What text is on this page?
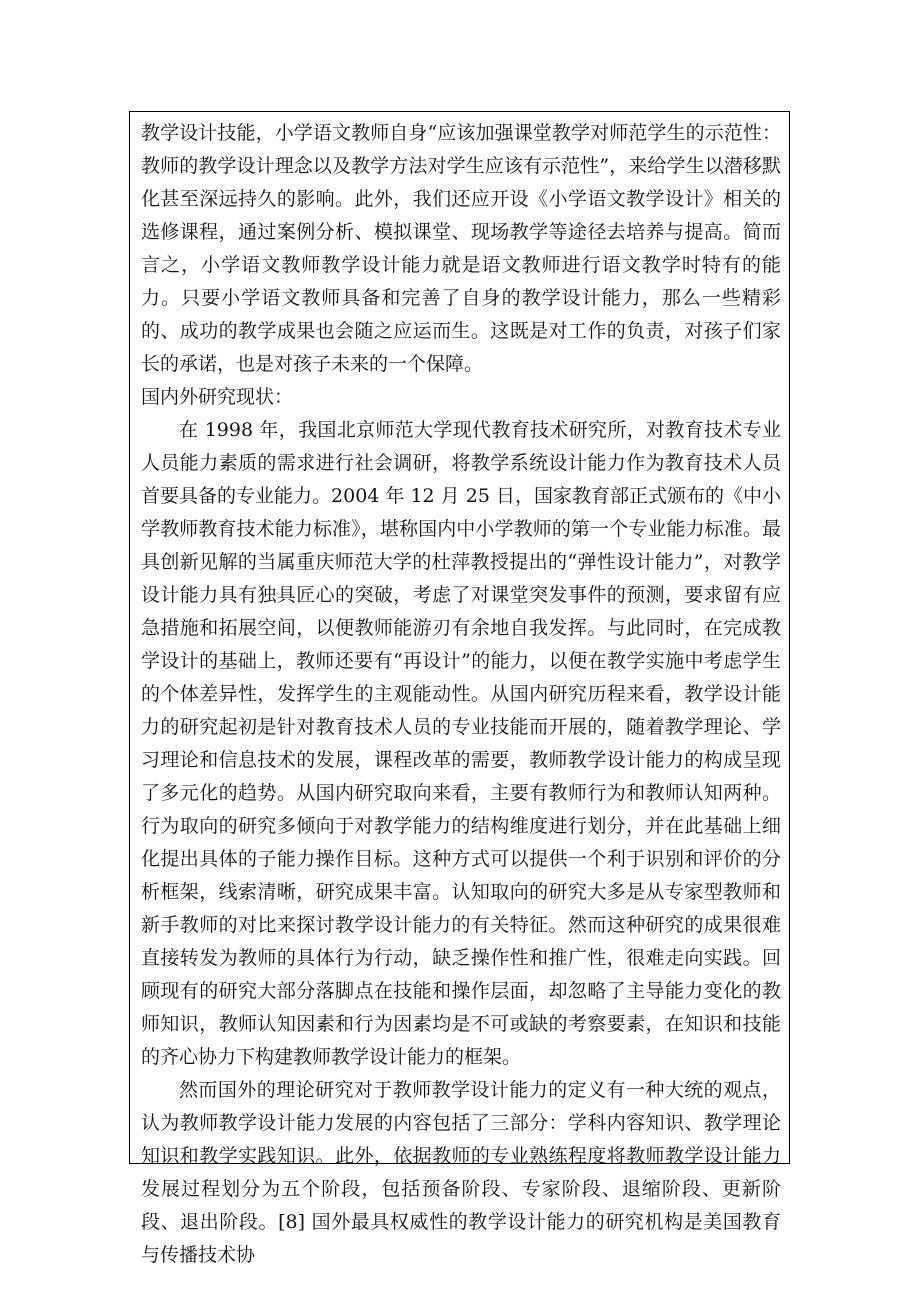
教学设计技能，小学语文教师自身“应该加强课堂教学对师范学生的示范性：教师的教学设计理念以及教学方法对学生应该有示范性”，来给学生以潜移默化甚至深远持久的影响。此外，我们还应开设《小学语文教学设计》相关的选修课程，通过案例分析、模拟课堂、现场教学等途径去培养与提高。简而言之，小学语文教师教学设计能力就是语文教师进行语文教学时特有的能力。只要小学语文教师具备和完善了自身的教学设计能力，那么一些精彩的、成功的教学成果也会随之应运而生。这既是对工作的负责，对孩子们家长的承诺，也是对孩子未来的一个保障。

国内外研究现状：

在 1998 年，我国北京师范大学现代教育技术研究所，对教育技术专业人员能力素质的需求进行社会调研，将教学系统设计能力作为教育技术人员首要具备的专业能力。2004 年 12 月 25 日，国家教育部正式颁布的《中小学教师教育技术能力标准》，堪称国内中小学教师的第一个专业能力标准。最具创新见解的当属重庆师范大学的杜萍教授提出的“弹性设计能力”，对教学设计能力具有独具匠心的突破，考虑了对课堂突发事件的预测，要求留有应急措施和拓展空间，以便教师能游刃有余地自我发挥。与此同时，在完成教学设计的基础上，教师还要有“再设计”的能力，以便在教学实施中考虑学生的个体差异性，发挥学生的主观能动性。从国内研究历程来看，教学设计能力的研究起初是针对教育技术人员的专业技能而开展的，随着教学理论、学习理论和信息技术的发展，课程改革的需要，教师教学设计能力的构成呈现了多元化的趋势。从国内研究取向来看，主要有教师行为和教师认知两种。行为取向的研究多倾向于对教学能力的结构维度进行划分，并在此基础上细化提出具体的子能力操作目标。这种方式可以提供一个利于识别和评价的分析框架，线索清晰，研究成果丰富。认知取向的研究大多是从专家型教师和新手教师的对比来探讨教学设计能力的有关特征。然而这种研究的成果很难直接转发为教师的具体行为行动，缺乏操作性和推广性，很难走向实践。回顾现有的研究大部分落脚点在技能和操作层面，却忽略了主导能力变化的教师知识，教师认知因素和行为因素均是不可或缺的考察要素，在知识和技能的齐心协力下构建教师教学设计能力的框架。

然而国外的理论研究对于教师教学设计能力的定义有一种大统的观点，认为教师教学设计能力发展的内容包括了三部分：学科内容知识、教学理论知识和教学实践知识。此外，依据教师的专业熟练程度将教师教学设计能力发展过程划分为五个阶段，包括预备阶段、专家阶段、退缩阶段、更新阶段、退出阶段。[8] 国外最具权威性的教学设计能力的研究机构是美国教育与传播技术协
